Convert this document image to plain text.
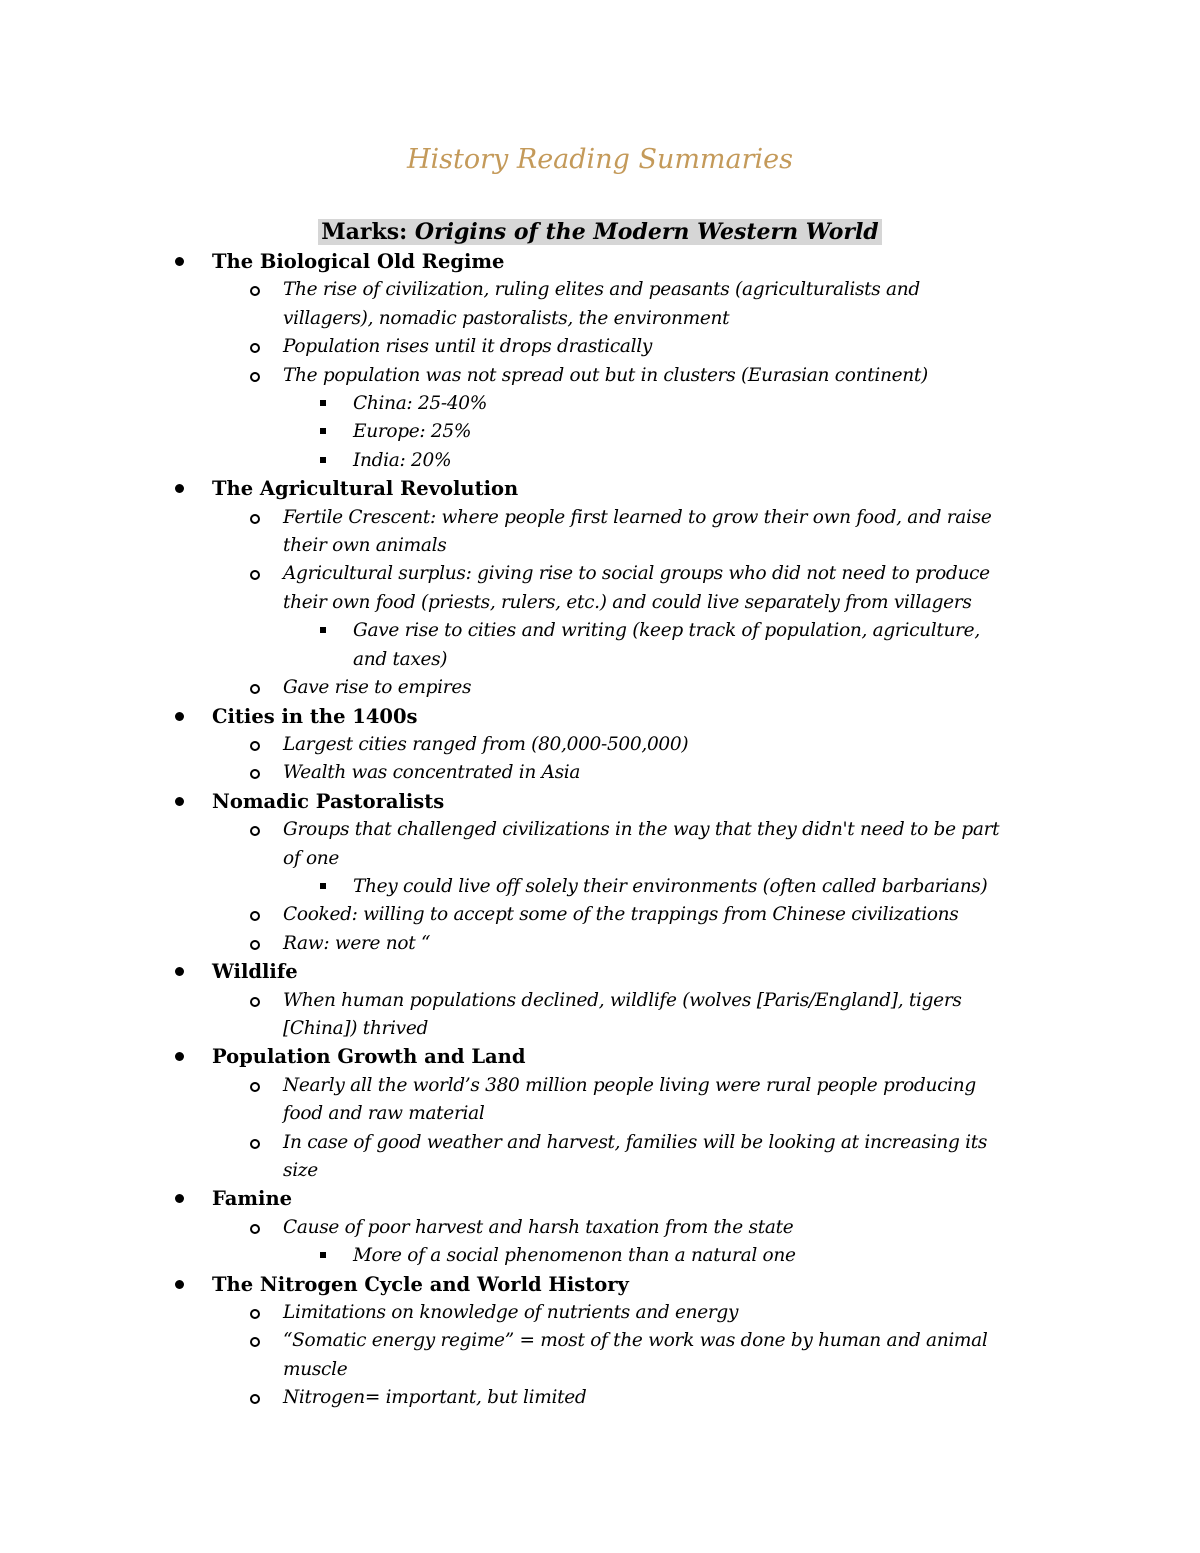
History Reading Summaries
Marks: Origins of the Modern Western World
The Biological Old Regime
The rise of civilization, ruling elites and peasants (agriculturalists and
villagers), nomadic pastoralists, the environment
Population rises until it drops drastically
The population was not spread out but in clusters (Eurasian continent)
China: 25-40%
Europe: 25%
India: 20%
The Agricultural Revolution
Fertile Crescent: where people first learned to grow their own food, and raise
their own animals
Agricultural surplus: giving rise to social groups who did not need to produce
their own food (priests, rulers, etc.) and could live separately from villagers
Gave rise to cities and writing (keep track of population, agriculture,
and taxes)
Gave rise to empires
Cities in the 1400s
Largest cities ranged from (80,000-500,000)
Wealth was concentrated in Asia
Nomadic Pastoralists
Groups that challenged civilizations in the way that they didn't need to be part
of one
They could live off solely their environments (often called barbarians)
Cooked: willing to accept some of the trappings from Chinese civilizations
Raw: were not “
Wildlife
When human populations declined, wildlife (wolves [Paris/England], tigers
[China]) thrived
Population Growth and Land
Nearly all the world’s 380 million people living were rural people producing
food and raw material
In case of good weather and harvest, families will be looking at increasing its
size
Famine
Cause of poor harvest and harsh taxation from the state
More of a social phenomenon than a natural one
The Nitrogen Cycle and World History
Limitations on knowledge of nutrients and energy
“Somatic energy regime” = most of the work was done by human and animal
muscle
Nitrogen= important, but limited
